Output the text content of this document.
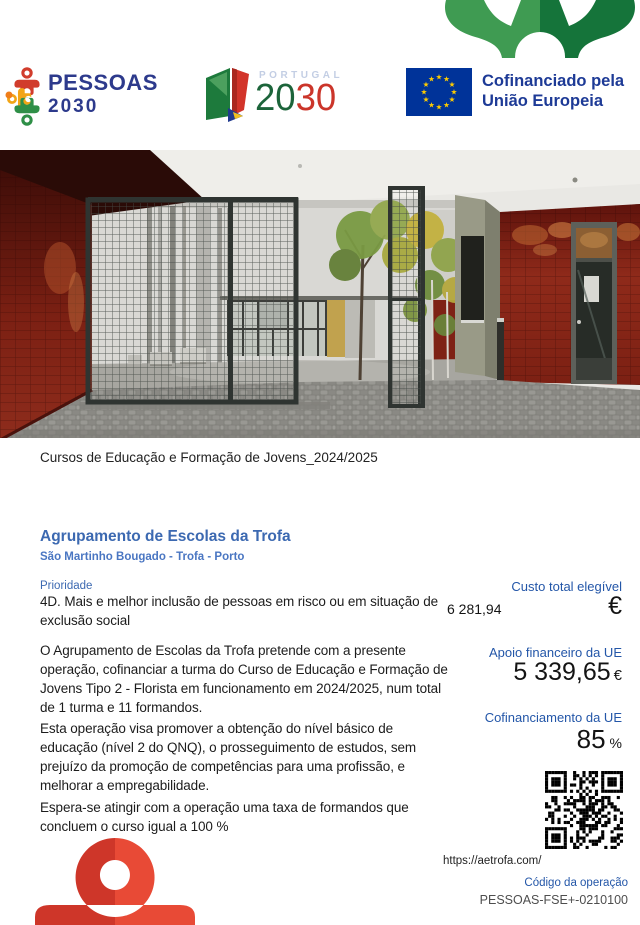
PESSOAS
2030
PORTUGAL
2030	★ ★
★
★
★
★
★
★
★
★
★
★	Cofinanciado pela
União Europeia
Cursos de Educação e Formação de Jovens_2024/2025
Agrupamento de Escolas da Trofa
São Martinho Bougado - Trofa - Porto
Prioridade
4D. Mais e melhor inclusão de pessoas em risco ou em situação de exclusão social
O Agrupamento de Escolas da Trofa pretende com a presente operação, cofinanciar a turma do Curso de Educação e Formação de Jovens Tipo 2 - Florista em funcionamento em 2024/2025, num total de 1 turma e 11 formandos.
Esta operação visa promover a obtenção do nível básico de educação (nível 2 do QNQ), o prosseguimento de estudos, sem prejuízo da promoção de competências para uma profissão, e melhorar a empregabilidade.
Espera-se atingir com a operação uma taxa de formandos que concluem o curso igual a 100 %
Custo total elegível
6 281,94	€
Apoio financeiro da UE
5 339,65 €
Cofinanciamento da UE
85 %
https://aetrofa.com/
Código da operação
PESSOAS-FSE+-0210100
